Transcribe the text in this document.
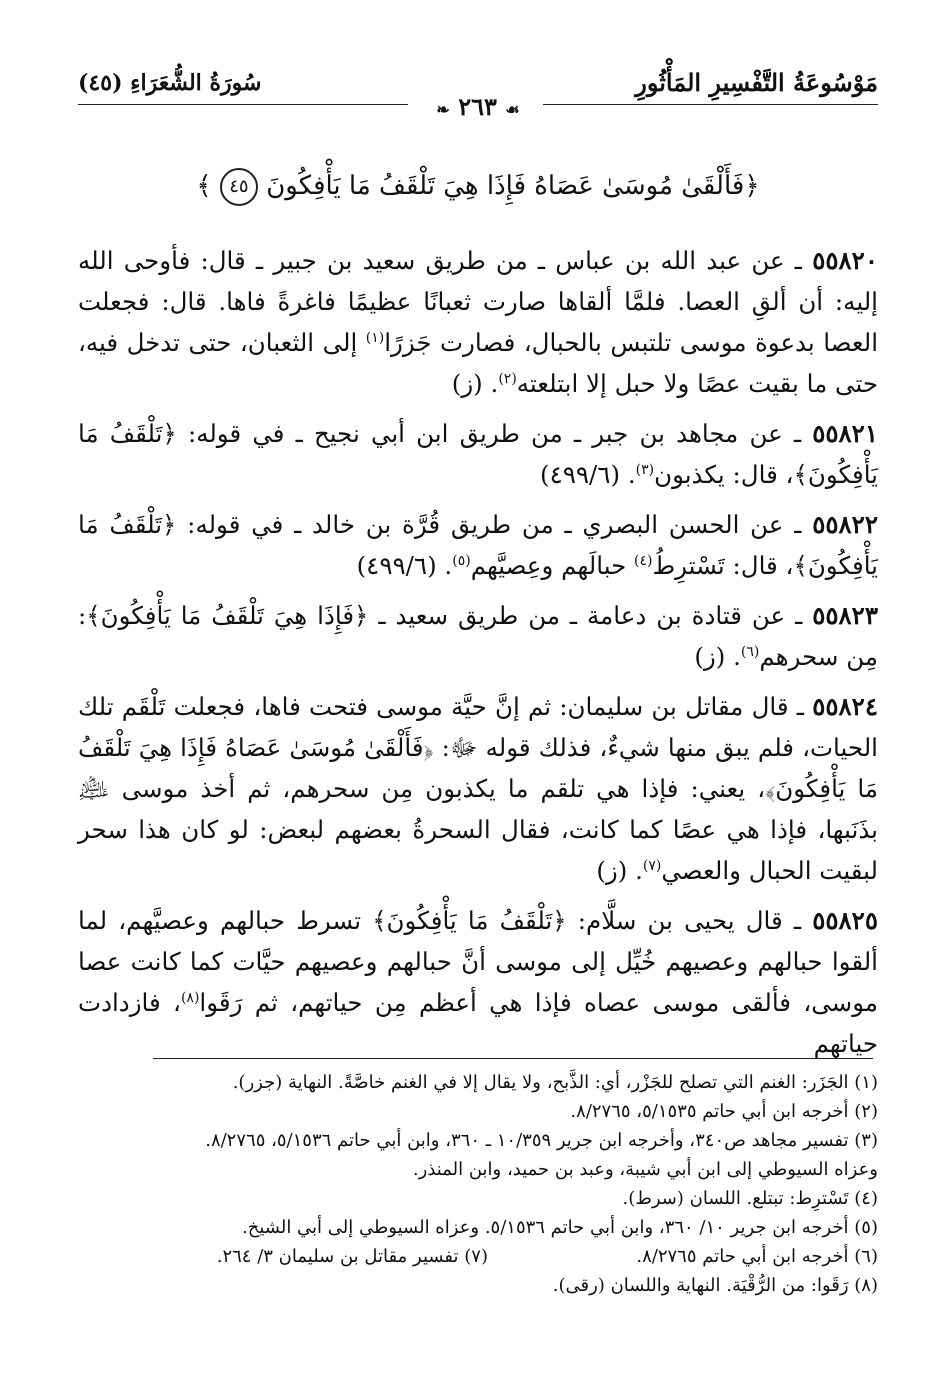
مَوْسُوعَةُ التَّفْسِيرِ المَأْثُورِ
سُورَةُ الشُّعَرَاءِ (٤٥)
❧ ٢٦٣ ☙
﴿فَأَلْقَىٰ مُوسَىٰ عَصَاهُ فَإِذَا هِيَ تَلْقَفُ مَا يَأْفِكُونَ ٤٥ ﴾

٥٥٨٢٠ ـ عن عبد الله بن عباس ـ من طريق سعيد بن جبير ـ قال: فأوحى الله إليه: أن ألقِ العصا. فلمَّا ألقاها صارت ثعبانًا عظيمًا فاغرةً فاها. قال: فجعلت العصا بدعوة موسى تلتبس بالحبال، فصارت جَزرًا$^{(١)}$ إلى الثعبان، حتى تدخل فيه، حتى ما بقيت عصًا ولا حبل إلا ابتلعته$^{(٢)}$. (ز)

٥٥٨٢١ ـ عن مجاهد بن جبر ـ من طريق ابن أبي نجيح ـ في قوله: ﴿تَلْقَفُ مَا يَأْفِكُونَ﴾، قال: يكذبون$^{(٣)}$. (٤٩٩/٦)

٥٥٨٢٢ ـ عن الحسن البصري ـ من طريق قُرَّة بن خالد ـ في قوله: ﴿تَلْقَفُ مَا يَأْفِكُونَ﴾، قال: تَسْترِطُ$^{(٤)}$ حبالَهم وعِصيَّهم$^{(٥)}$. (٤٩٩/٦)

٥٥٨٢٣ ـ عن قتادة بن دعامة ـ من طريق سعيد ـ ﴿فَإِذَا هِيَ تَلْقَفُ مَا يَأْفِكُونَ﴾: مِن سحرهم$^{(٦)}$. (ز)

٥٥٨٢٤ ـ قال مقاتل بن سليمان: ثم إنَّ حيَّة موسى فتحت فاها، فجعلت تَلْقَم تلك الحيات، فلم يبق منها شيءٌ، فذلك قوله ﷻ: ﴿فَأَلْقَىٰ مُوسَىٰ عَصَاهُ فَإِذَا هِيَ تَلْقَفُ مَا يَأْفِكُونَ﴾، يعني: فإذا هي تلقم ما يكذبون مِن سحرهم، ثم أخذ موسى ﵇ بذَنَبها، فإذا هي عصًا كما كانت، فقال السحرةُ بعضهم لبعض: لو كان هذا سحر لبقيت الحبال والعصي$^{(٧)}$. (ز)

٥٥٨٢٥ ـ قال يحيى بن سلَّام: ﴿تَلْقَفُ مَا يَأْفِكُونَ﴾ تسرط حبالهم وعصيَّهم، لما ألقوا حبالهم وعصيهم خُيِّل إلى موسى أنَّ حبالهم وعصيهم حيَّات كما كانت عصا موسى، فألقى موسى عصاه فإذا هي أعظم مِن حياتهم، ثم رَقَوا$^{(٨)}$، فازدادت حياتهم

(١) الجَزَر: الغنم التي تصلح للجَزْر، أي: الذَّبح، ولا يقال إلا في الغنم خاصَّةً. النهاية (جزر).

(٢) أخرجه ابن أبي حاتم ٥/١٥٣٥، ٨/٢٧٦٥.

(٣) تفسير مجاهد ص٣٤٠، وأخرجه ابن جرير ١٠/٣٥٩ ـ ٣٦٠، وابن أبي حاتم ٥/١٥٣٦، ٨/٢٧٦٥.

وعزاه السيوطي إلى ابن أبي شيبة، وعبد بن حميد، وابن المنذر.

(٤) تَسْترِط: تبتلع. اللسان (سرط).

(٥) أخرجه ابن جرير ١٠/ ٣٦٠، وابن أبي حاتم ٥/١٥٣٦. وعزاه السيوطي إلى أبي الشيخ.

(٦) أخرجه ابن أبي حاتم ٨/٢٧٦٥.

(٧) تفسير مقاتل بن سليمان ٣/ ٢٦٤.

(٨) رَقَوا: من الرُّقْيَة. النهاية واللسان (رقى).
